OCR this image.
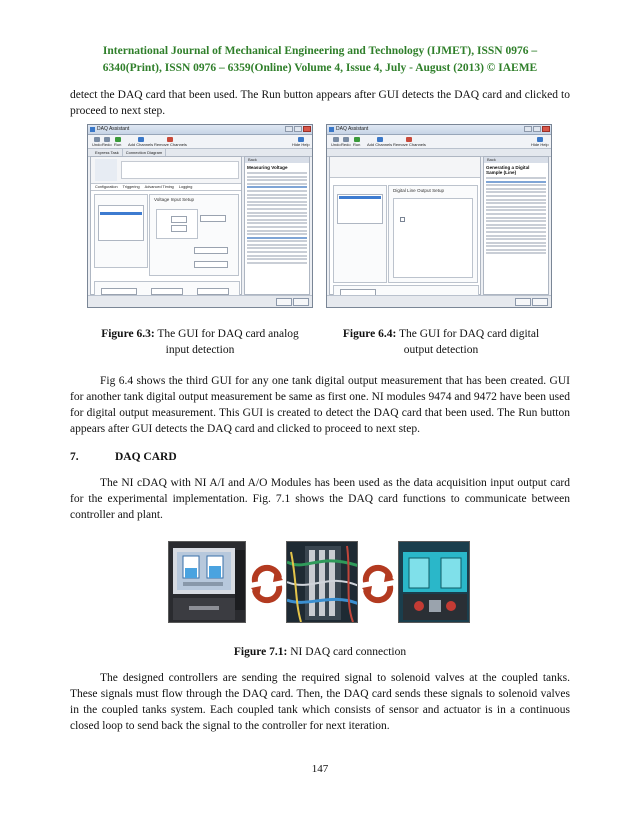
International Journal of Mechanical Engineering and Technology (IJMET), ISSN 0976 –
6340(Print), ISSN 0976 – 6359(Online) Volume 4, Issue 4, July - August (2013) © IAEME
detect the DAQ card that been used. The Run button appears after GUI detects the DAQ card and clicked to proceed to next step.
DAQ Assistant
Undo Redo Run Add Channels Remove Channels	Hide Help
Express Task Connection Diagram
Configuration Triggering Advanced Timing Logging
Voltage Input Setup
Back
Measuring Voltage
DAQ Assistant
Undo Redo Run Add Channels Remove Channels	Hide Help
Digital Line Output Setup
Back
Generating a Digital Sample (Line)
Figure 6.3: The GUI for DAQ card analog
input detection
Figure 6.4: The GUI for DAQ card digital
output detection
Fig 6.4 shows the third GUI for any one tank digital output measurement that has been created. GUI for another tank digital output measurement be same as first one. NI modules 9474 and 9472 have been used for digital output measurement. This GUI is created to detect the DAQ card that been used. The Run button appears after GUI detects the DAQ card and clicked to proceed to next step.
7.	DAQ CARD
The NI cDAQ with NI A/I and A/O Modules has been used as the data acquisition input output card for the experimental implementation. Fig. 7.1 shows the DAQ card functions to communicate between controller and plant.
Figure 7.1: NI DAQ card connection
The designed controllers are sending the required signal to solenoid valves at the coupled tanks. These signals must flow through the DAQ card. Then, the DAQ card sends these signals to solenoid valves in the coupled tanks system. Each coupled tank which consists of sensor and actuator is in a continuous closed loop to send back the signal to the controller for next iteration.
147
